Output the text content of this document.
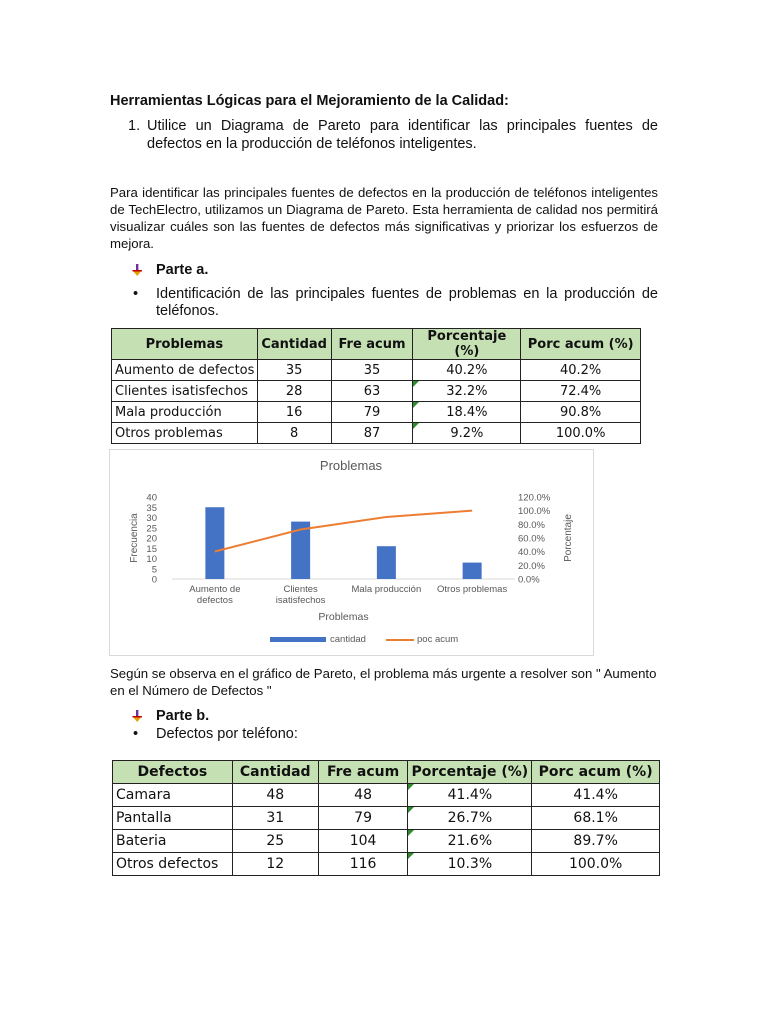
Herramientas Lógicas para el Mejoramiento de la Calidad:
1. Utilice un Diagrama de Pareto para identificar las principales fuentes de defectos en la producción de teléfonos inteligentes.
Para identificar las principales fuentes de defectos en la producción de teléfonos inteligentes de TechElectro, utilizamos un Diagrama de Pareto. Esta herramienta de calidad nos permitirá visualizar cuáles son las fuentes de defectos más significativas y priorizar los esfuerzos de mejora.
Parte a.
• Identificación de las principales fuentes de problemas en la producción de teléfonos.
Problemas	Cantidad	Fre acum	Porcentaje (%)	Porc acum (%)
Aumento de defectos	35	35	40.2%	40.2%
Clientes isatisfechos	28	63	32.2%	72.4%
Mala producción	16	79	18.4%	90.8%
Otros problemas	8	87	9.2%	100.0%
Problemas
0
5
10
15
20
25
30
35
40
0.0%
20.0%
40.0%
60.0%
80.0%
100.0%
120.0%
Frecuencia	Porcentaje
Aumento de
defectos
Clientes
isatisfechos
Mala producción Otros problemas
Problemas
cantidad	poc acum
Según se observa en el gráfico de Pareto, el problema más urgente a resolver son " Aumento en el Número de Defectos "
Parte b.
• Defectos por teléfono:
Defectos	Cantidad	Fre acum	Porcentaje (%)	Porc acum (%)
Camara	48	48	41.4%	41.4%
Pantalla	31	79	26.7%	68.1%
Bateria	25	104	21.6%	89.7%
Otros defectos	12	116	10.3%	100.0%
